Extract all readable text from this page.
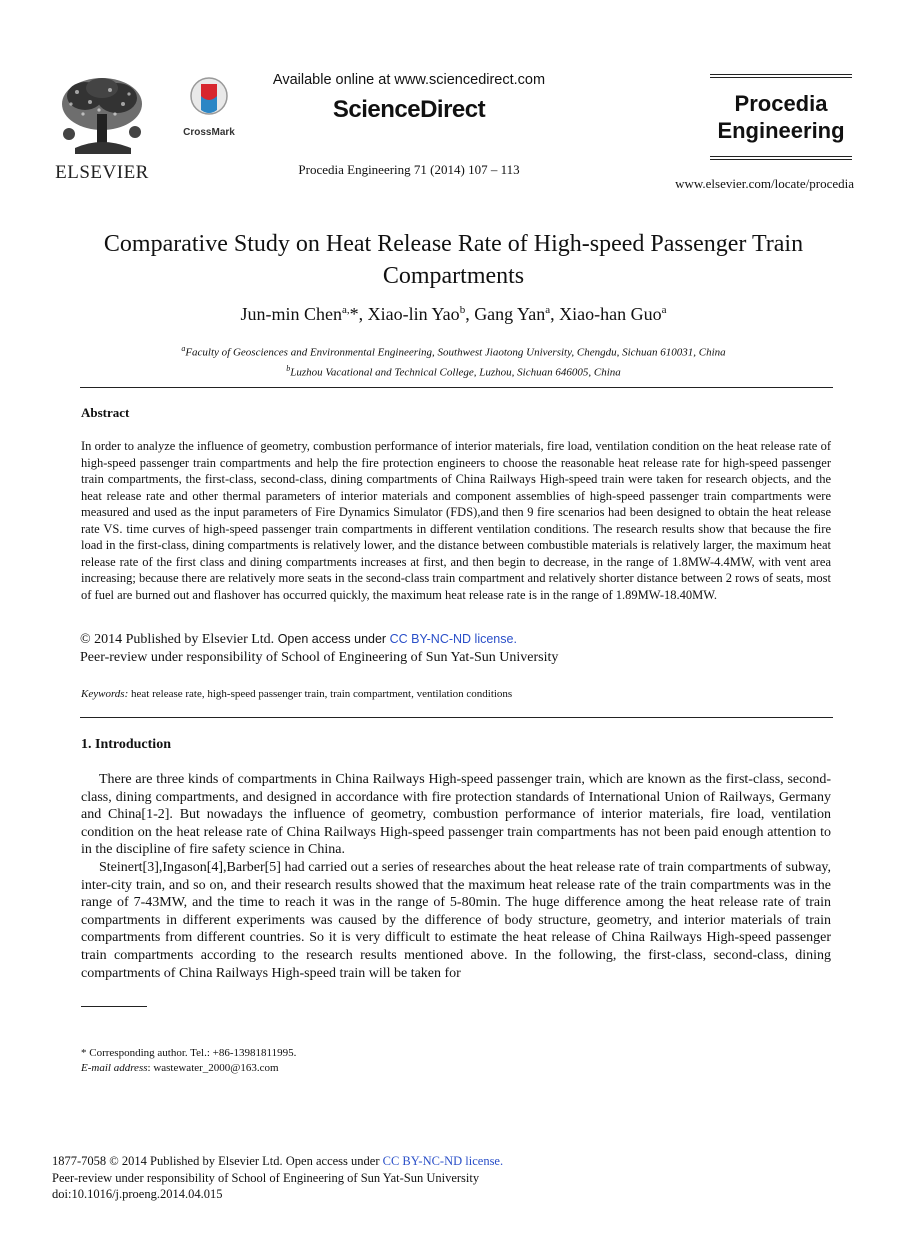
ELSEVIER
CrossMark
Available online at www.sciencedirect.com
ScienceDirect
Procedia Engineering 71 (2014) 107 – 113
Procedia
Engineering
www.elsevier.com/locate/procedia
Comparative Study on Heat Release Rate of High-speed Passenger Train Compartments
Jun-min Chen$^{a,}$*, Xiao-lin Yao$^b$, Gang Yan$^a$, Xiao-han Guo$^a$
$^a$Faculty of Geosciences and Environmental Engineering, Southwest Jiaotong University, Chengdu, Sichuan 610031, China
$^b$Luzhou Vacational and Technical College, Luzhou, Sichuan 646005, China
Abstract
In order to analyze the influence of geometry, combustion performance of interior materials, fire load, ventilation condition on the heat release rate of high-speed passenger train compartments and help the fire protection engineers to choose the reasonable heat release rate for high-speed passenger train compartments, the first-class, second-class, dining compartments of China Railways High-speed train were taken for research objects, and the heat release rate and other thermal parameters of interior materials and component assemblies of high-speed passenger train compartments were measured and used as the input parameters of Fire Dynamics Simulator (FDS),and then 9 fire scenarios had been designed to obtain the heat release rate VS. time curves of high-speed passenger train compartments in different ventilation conditions. The research results show that because the fire load in the first-class, dining compartments is relatively lower, and the distance between combustible materials is relatively larger, the maximum heat release rate of the first class and dining compartments increases at first, and then begin to decrease, in the range of 1.8MW-4.4MW, with vent area increasing; because there are relatively more seats in the second-class train compartment and relatively shorter distance between 2 rows of seats, most of fuel are burned out and flashover has occurred quickly, the maximum heat release rate is in the range of 1.89MW-18.40MW.
© 2014 Published by Elsevier Ltd. Open access under CC BY-NC-ND license.
Peer-review under responsibility of School of Engineering of Sun Yat-Sun University
Keywords: heat release rate, high-speed passenger train, train compartment, ventilation conditions
1. Introduction

There are three kinds of compartments in China Railways High-speed passenger train, which are known as the first-class, second-class, dining compartments, and designed in accordance with fire protection standards of International Union of Railways, Germany and China[1-2]. But nowadays the influence of geometry, combustion performance of interior materials, fire load, ventilation condition on the heat release rate of China Railways High-speed passenger train compartments has not been paid enough attention to in the discipline of fire safety science in China.

Steinert[3],Ingason[4],Barber[5] had carried out a series of researches about the heat release rate of train compartments of subway, inter-city train, and so on, and their research results showed that the maximum heat release rate of the train compartments was in the range of 7-43MW, and the time to reach it was in the range of 5-80min. The huge difference among the heat release rate of train compartments in different experiments was caused by the difference of body structure, geometry, and interior materials of train compartments from different countries. So it is very difficult to estimate the heat release of China Railways High-speed passenger train compartments according to the research results mentioned above. In the following, the first-class, second-class, dining compartments of China Railways High-speed train will be taken for

* Corresponding author. Tel.: +86-13981811995.
E-mail address: wastewater_2000@163.com
1877-7058 © 2014 Published by Elsevier Ltd. Open access under CC BY-NC-ND license.
Peer-review under responsibility of School of Engineering of Sun Yat-Sun University
doi:10.1016/j.proeng.2014.04.015
